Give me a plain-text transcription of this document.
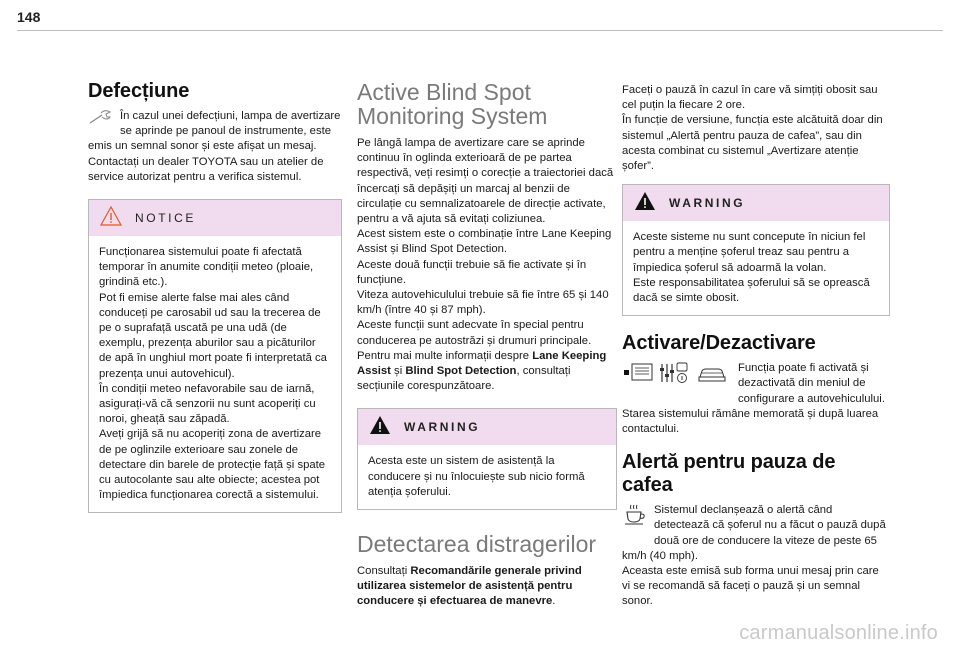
148
Defecțiune

În cazul unei defecțiuni, lampa de avertizare se aprinde pe panoul de instrumente, este emis un semnal sonor și este afișat un mesaj.

Contactați un dealer TOYOTA sau un atelier de service autorizat pentru a verifica sistemul.

NOTICE

Funcționarea sistemului poate fi afectată temporar în anumite condiții meteo (ploaie, grindină etc.).

Pot fi emise alerte false mai ales când conduceți pe carosabil ud sau la trecerea de pe o suprafață uscată pe una udă (de exemplu, prezența aburilor sau a picăturilor de apă în unghiul mort poate fi interpretată ca prezența unui autovehicul).

În condiții meteo nefavorabile sau de iarnă, asigurați-vă că senzorii nu sunt acoperiți cu noroi, gheață sau zăpadă.

Aveți grijă să nu acoperiți zona de avertizare de pe oglinzile exterioare sau zonele de detectare din barele de protecție față și spate cu autocolante sau alte obiecte; acestea pot împiedica funcționarea corectă a sistemului.

Active Blind Spot Monitoring System

Pe lângă lampa de avertizare care se aprinde continuu în oglinda exterioară de pe partea respectivă, veți resimți o corecție a traiectoriei dacă încercați să depășiți un marcaj al benzii de circulație cu semnalizatoarele de direcție activate, pentru a vă ajuta să evitați coliziunea.

Acest sistem este o combinație între Lane Keeping Assist și Blind Spot Detection.

Aceste două funcții trebuie să fie activate și în funcțiune.

Viteza autovehiculului trebuie să fie între 65 și 140 km/h (între 40 și 87 mph).

Aceste funcții sunt adecvate în special pentru conducerea pe autostrăzi și drumuri principale.

Pentru mai multe informații despre Lane Keeping Assist și Blind Spot Detection, consultați secțiunile corespunzătoare.

WARNING

Acesta este un sistem de asistență la conducere și nu înlocuiește sub nicio formă atenția șoferului.

Detectarea distragerilor

Consultați Recomandările generale privind utilizarea sistemelor de asistență pentru conducere și efectuarea de manevre.

Faceți o pauză în cazul în care vă simțiți obosit sau cel puțin la fiecare 2 ore.

În funcție de versiune, funcția este alcătuită doar din sistemul „Alertă pentru pauza de cafea”, sau din acesta combinat cu sistemul „Avertizare atenție șofer”.

WARNING

Aceste sisteme nu sunt concepute în niciun fel pentru a menține șoferul treaz sau pentru a împiedica șoferul să adoarmă la volan.

Este responsabilitatea șoferului să se oprească dacă se simte obosit.

Activare/Dezactivare

Funcția poate fi activată și dezactivată din meniul de configurare a autovehiculului.

Starea sistemului rămâne memorată și după luarea contactului.

Alertă pentru pauza de cafea

Sistemul declanșează o alertă când detectează că șoferul nu a făcut o pauză după două ore de conducere la viteze de peste 65 km/h (40 mph).

Aceasta este emisă sub forma unui mesaj prin care vi se recomandă să faceți o pauză și un semnal sonor.

carmanualsonline.info
